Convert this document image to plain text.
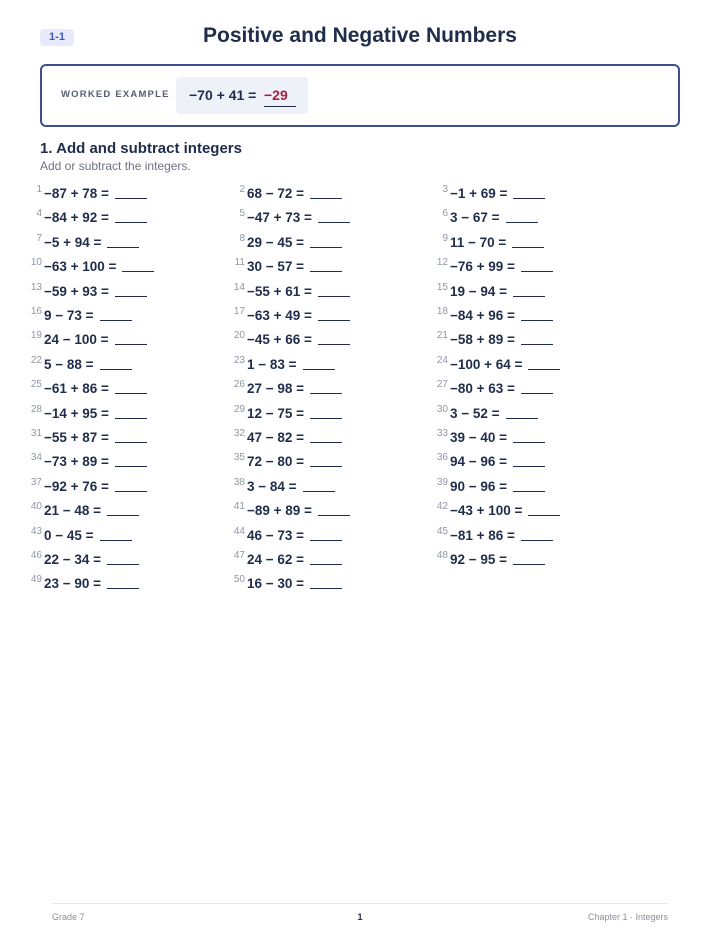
1-1	Positive and Negative Numbers
WORKED EXAMPLE −70 + 41 = −29
1. Add and subtract integers
Add or subtract the integers.
1 −87 + 78 =	2 68 − 72 =	3 −1 + 69 =
4 −84 + 92 =	5 −47 + 73 =	6 3 − 67 =
7 −5 + 94 =	8 29 − 45 =	9 11 − 70 =
10 −63 + 100 =	11 30 − 57 =	12 −76 + 99 =
13 −59 + 93 =	14 −55 + 61 =	15 19 − 94 =
16 9 − 73 =	17 −63 + 49 =	18 −84 + 96 =
19 24 − 100 =	20 −45 + 66 =	21 −58 + 89 =
22 5 − 88 =	23 1 − 83 =	24 −100 + 64 =
25 −61 + 86 =	26 27 − 98 =	27 −80 + 63 =
28 −14 + 95 =	29 12 − 75 =	30 3 − 52 =
31 −55 + 87 =	32 47 − 82 =	33 39 − 40 =
34 −73 + 89 =	35 72 − 80 =	36 94 − 96 =
37 −92 + 76 =	38 3 − 84 =	39 90 − 96 =
40 21 − 48 =	41 −89 + 89 =	42 −43 + 100 =
43 0 − 45 =	44 46 − 73 =	45 −81 + 86 =
46 22 − 34 =	47 24 − 62 =	48 92 − 95 =
49 23 − 90 =	50 16 − 30 =
Grade 7	1	Chapter 1 · Integers
